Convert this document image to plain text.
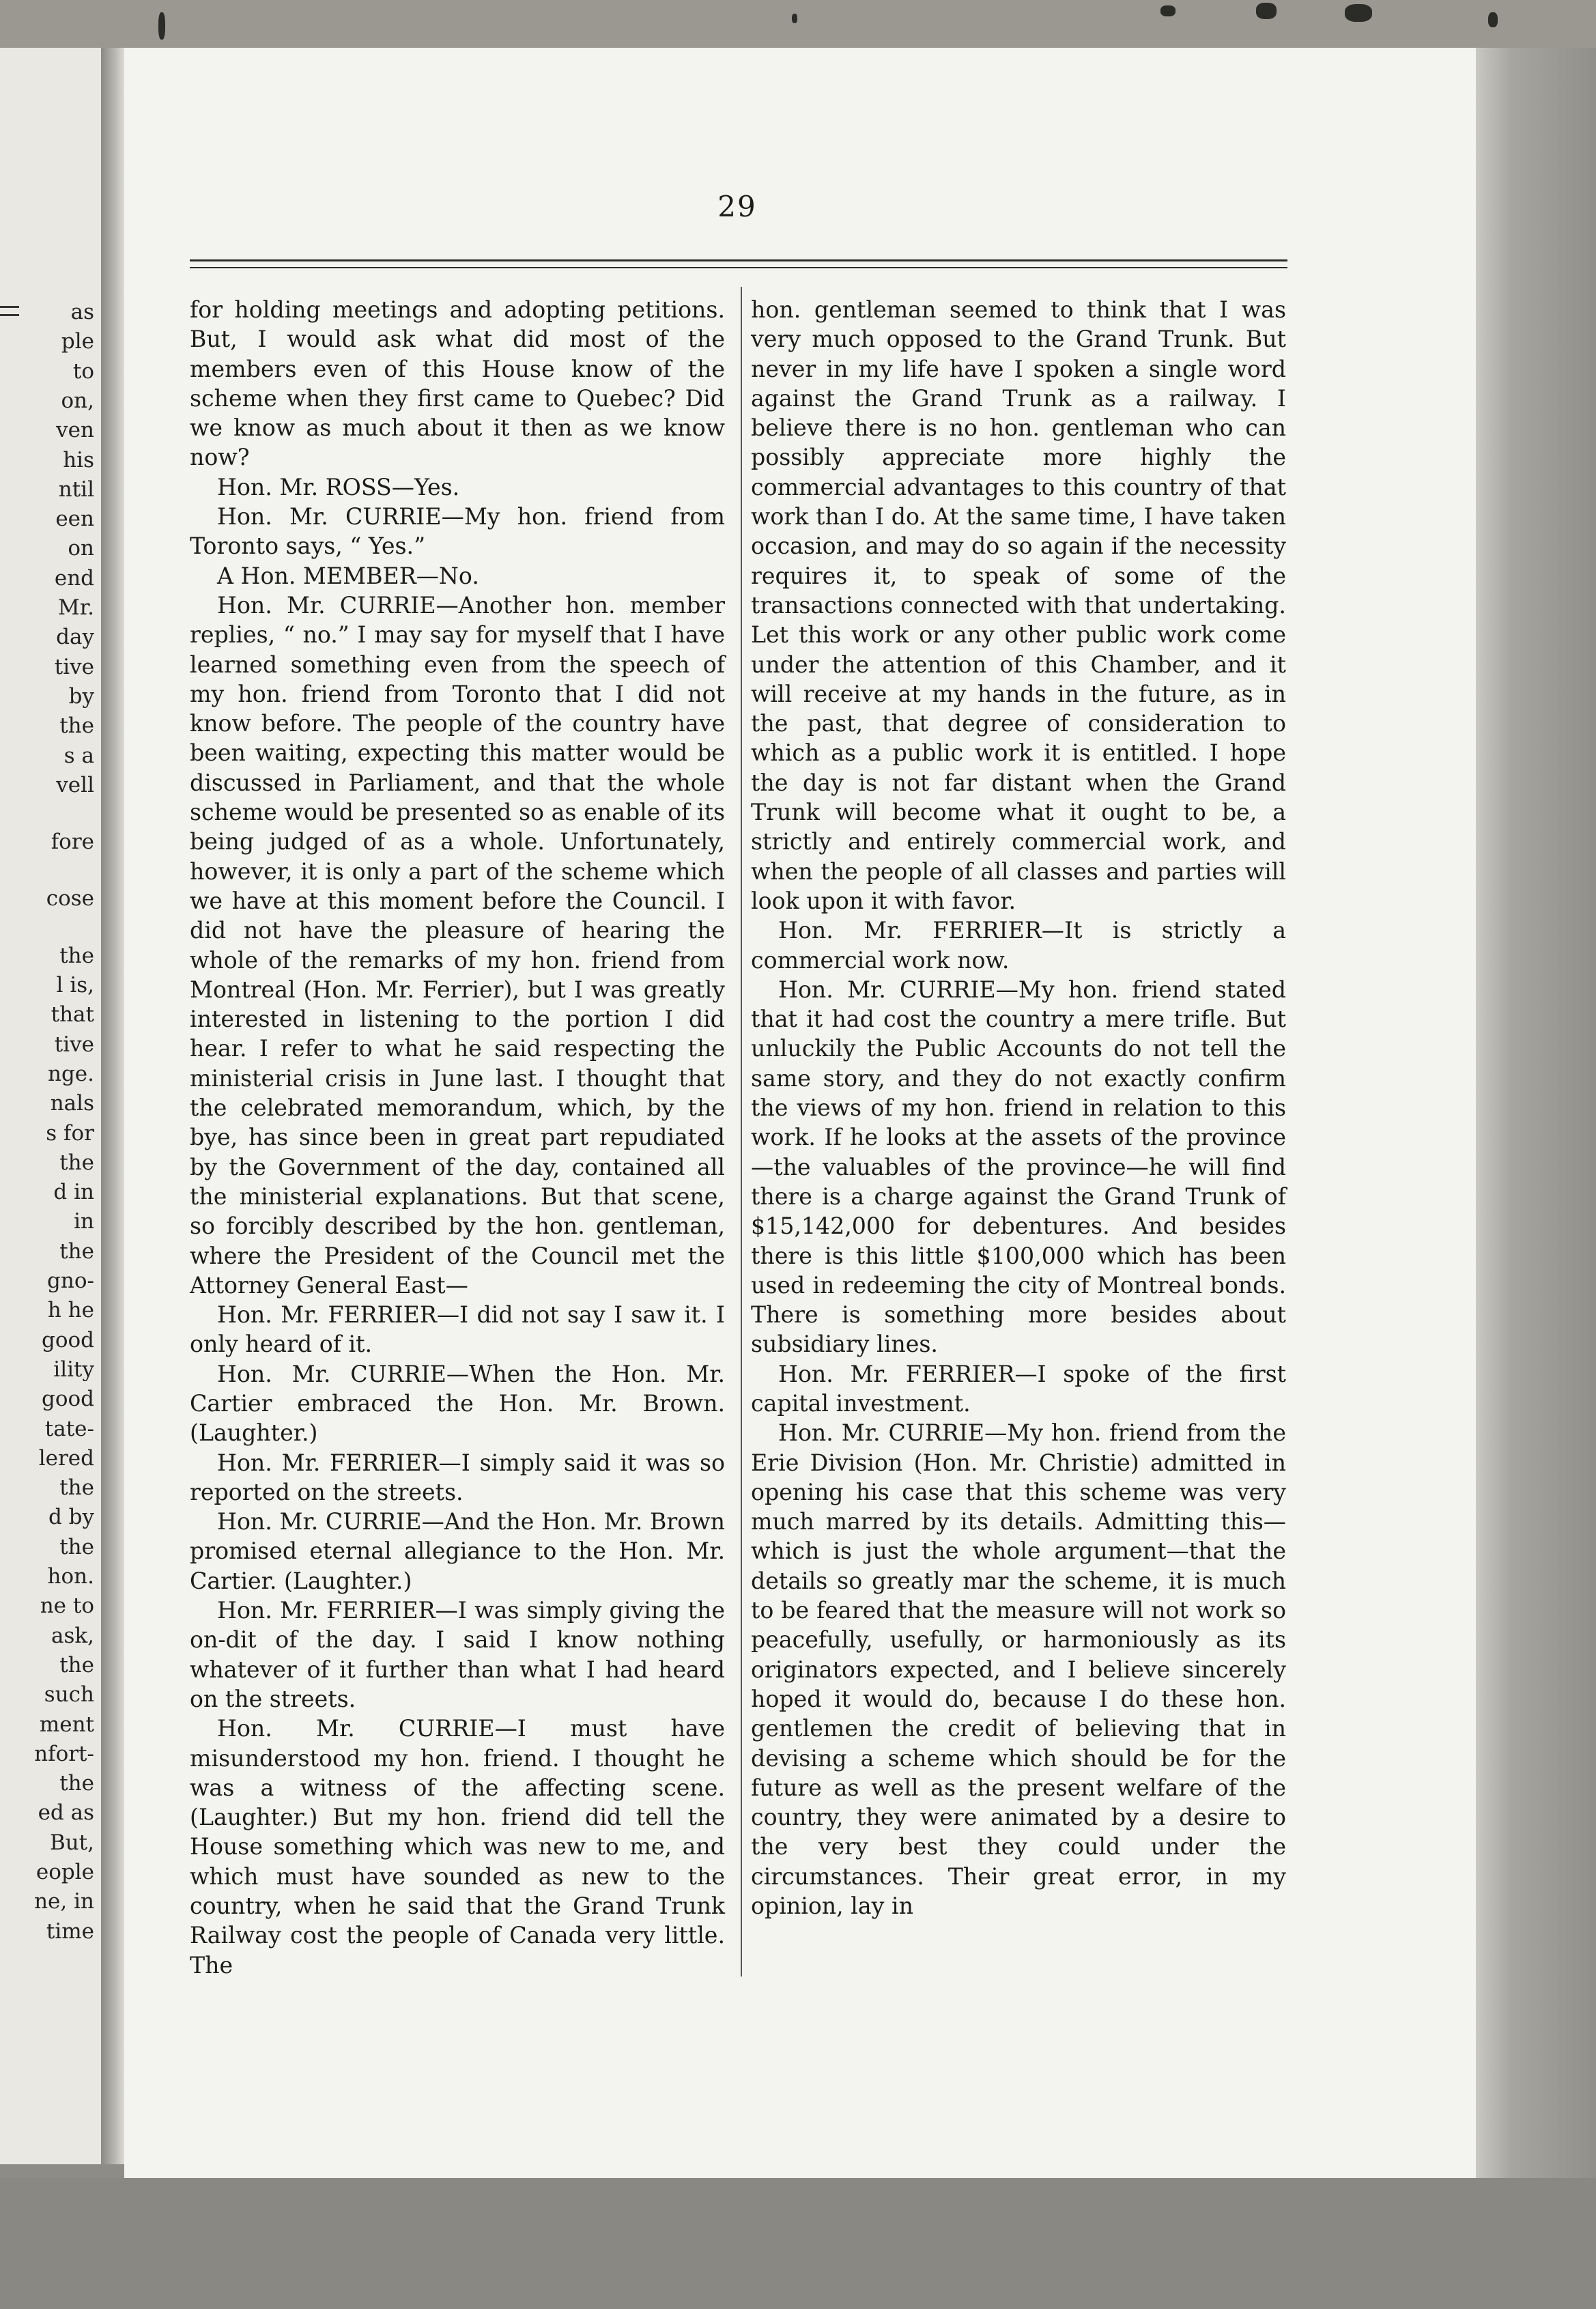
as
ple
to
on,
ven
his
ntil
een
on
end
Mr.
day
tive
by
the
s a
vell
fore
cose
the
l is,
that
tive
nge.
nals
s for
the
d in
in
the
gno-
h he
good
ility
good
tate-
lered
the
d by
the
hon.
ne to
ask,
the
such
ment
nfort-
the
ed as
But,
eople
ne, in
time
29

for holding meetings and adopting petitions. But, I would ask what did most of the members even of this House know of the scheme when they first came to Quebec? Did we know as much about it then as we know now?

Hon. Mr. ROSS—Yes.

Hon. Mr. CURRIE—My hon. friend from Toronto says, “ Yes.”

A Hon. MEMBER—No.

Hon. Mr. CURRIE—Another hon. member replies, “ no.” I may say for myself that I have learned something even from the speech of my hon. friend from Toronto that I did not know before. The people of the country have been waiting, expecting this matter would be discussed in Parliament, and that the whole scheme would be presented so as enable of its being judged of as a whole. Unfortunately, however, it is only a part of the scheme which we have at this moment before the Council. I did not have the pleasure of hearing the whole of the remarks of my hon. friend from Montreal (Hon. Mr. Ferrier), but I was greatly interested in listening to the portion I did hear. I refer to what he said respecting the ministerial crisis in June last. I thought that the celebrated memorandum, which, by the bye, has since been in great part repudiated by the Government of the day, contained all the ministerial explanations. But that scene, so forcibly described by the hon. gentleman, where the President of the Council met the Attorney General East—

Hon. Mr. FERRIER—I did not say I saw it. I only heard of it.

Hon. Mr. CURRIE—When the Hon. Mr. Cartier embraced the Hon. Mr. Brown. (Laughter.)

Hon. Mr. FERRIER—I simply said it was so reported on the streets.

Hon. Mr. CURRIE—And the Hon. Mr. Brown promised eternal allegiance to the Hon. Mr. Cartier. (Laughter.)

Hon. Mr. FERRIER—I was simply giving the on-dit of the day. I said I know nothing whatever of it further than what I had heard on the streets.

Hon. Mr. CURRIE—I must have misunderstood my hon. friend. I thought he was a witness of the affecting scene. (Laughter.) But my hon. friend did tell the House something which was new to me, and which must have sounded as new to the country, when he said that the Grand Trunk Railway cost the people of Canada very little. The

hon. gentleman seemed to think that I was very much opposed to the Grand Trunk. But never in my life have I spoken a single word against the Grand Trunk as a railway. I believe there is no hon. gentleman who can possibly appreciate more highly the commercial advantages to this country of that work than I do. At the same time, I have taken occasion, and may do so again if the necessity requires it, to speak of some of the transactions connected with that undertaking. Let this work or any other public work come under the attention of this Chamber, and it will receive at my hands in the future, as in the past, that degree of consideration to which as a public work it is entitled. I hope the day is not far distant when the Grand Trunk will become what it ought to be, a strictly and entirely commercial work, and when the people of all classes and parties will look upon it with favor.

Hon. Mr. FERRIER—It is strictly a commercial work now.

Hon. Mr. CURRIE—My hon. friend stated that it had cost the country a mere trifle. But unluckily the Public Accounts do not tell the same story, and they do not exactly confirm the views of my hon. friend in relation to this work. If he looks at the assets of the province—the valuables of the province—he will find there is a charge against the Grand Trunk of $15,142,000 for debentures. And besides there is this little $100,000 which has been used in redeeming the city of Montreal bonds. There is something more besides about subsidiary lines.

Hon. Mr. FERRIER—I spoke of the first capital investment.

Hon. Mr. CURRIE—My hon. friend from the Erie Division (Hon. Mr. Christie) admitted in opening his case that this scheme was very much marred by its details. Admitting this—which is just the whole argument—that the details so greatly mar the scheme, it is much to be feared that the measure will not work so peacefully, usefully, or harmoniously as its originators expected, and I believe sincerely hoped it would do, because I do these hon. gentlemen the credit of believing that in devising a scheme which should be for the future as well as the present welfare of the country, they were animated by a desire to the very best they could under the circumstances. Their great error, in my opinion, lay in
